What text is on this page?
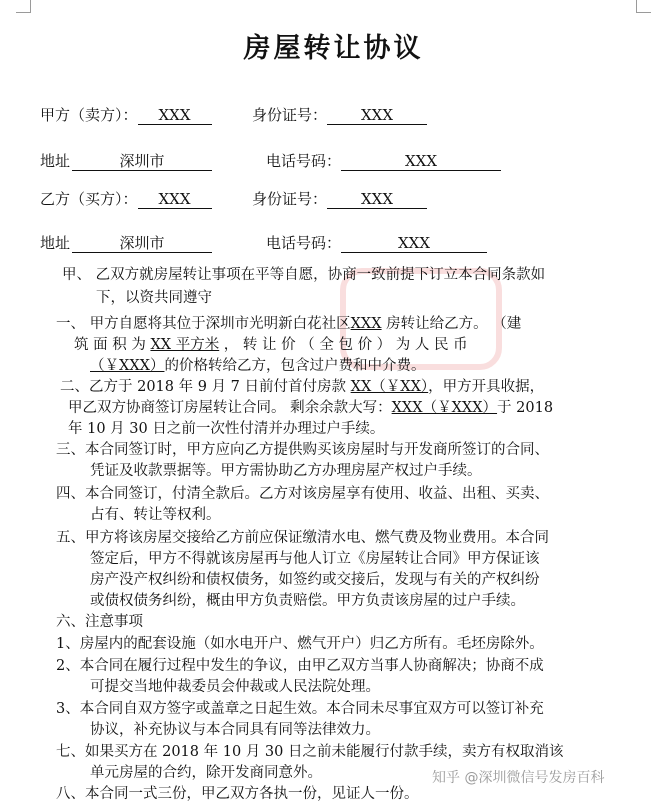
房屋转让协议
甲方（卖方）： XXX	身份证号： XXX
地址	深圳市	电话号码：	XXX
乙方（买方）： XXX	身份证号： XXX
地址	深圳市	电话号码：	XXX
甲、 乙双方就房屋转让事项在平等自愿，协商一致前提下订立本合同条款如
下，以资共同遵守
一、 甲方自愿将其位于深圳市光明新白花社区XXX 房转让给乙方。 （建
筑 面 积 为 XX 平方米 ， 转 让 价 （ 全 包 价 ） 为 人 民 币
（￥XXX）的价格转给乙方，包含过户费和中介费。
二、乙方于 2018 年 9 月 7 日前付首付房款 XX（￥XX），甲方开具收据，
甲乙双方协商签订房屋转让合同。 剩余余款大写：XXX（￥XXX）于 2018
年 10 月 30 日之前一次性付清并办理过户手续。
三、本合同签订时，甲方应向乙方提供购买该房屋时与开发商所签订的合同、
凭证及收款票据等。甲方需协助乙方办理房屋产权过户手续。
四、本合同签订，付清全款后。乙方对该房屋享有使用、收益、出租、买卖、
占有、转让等权利。
五、甲方将该房屋交接给乙方前应保证缴清水电、燃气费及物业费用。本合同
签定后，甲方不得就该房屋再与他人订立《房屋转让合同》甲方保证该
房产没产权纠纷和债权债务，如签约或交接后，发现与有关的产权纠纷
或债权债务纠纷，概由甲方负责赔偿。甲方负责该房屋的过户手续。
六、注意事项
1、房屋内的配套设施（如水电开户、燃气开户）归乙方所有。毛坯房除外。
2、本合同在履行过程中发生的争议，由甲乙双方当事人协商解决；协商不成
可提交当地仲裁委员会仲裁或人民法院处理。
3、本合同自双方签字或盖章之日起生效。本合同未尽事宜双方可以签订补充
协议，补充协议与本合同具有同等法律效力。
七、如果买方在 2018 年 10 月 30 日之前未能履行付款手续，卖方有权取消该
单元房屋的合约，除开发商同意外。
八、本合同一式三份，甲乙双方各执一份，见证人一份。
知乎 @深圳微信号发房百科
